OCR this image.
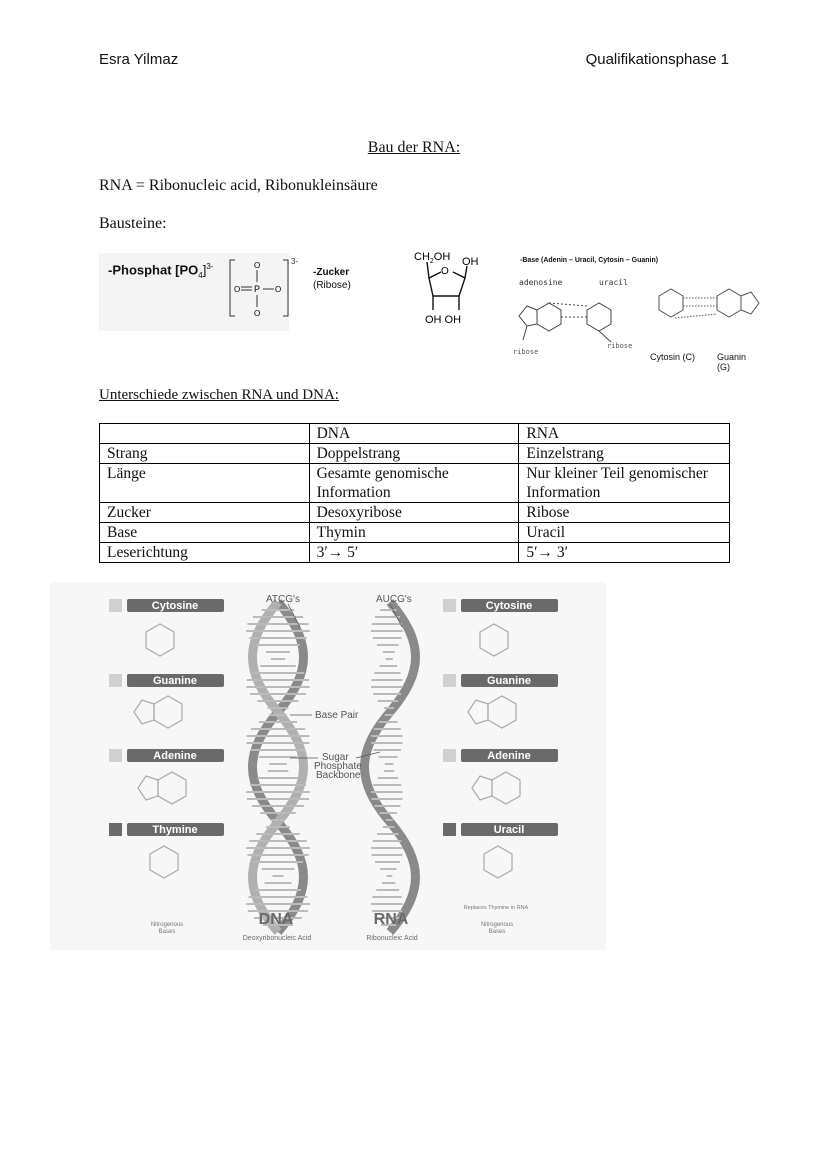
Esra Yilmaz	Qualifikationsphase 1
Bau der RNA:
RNA = Ribonucleic acid, Ribonukleinsäure
Bausteine:
-Phosphat $[PO_4]^{3-}$
3-
P
O
O
O
O
-Zucker
(Ribose)
$CH_2OH$ OH
O
OH OH
-Base (Adenin – Uracil, Cytosin – Guanin)
adenosine	uracil
ribose
ribose
Cytosin (C) Guanin (G)
Unterschiede zwischen RNA und DNA:
	DNA	RNA
Strang	Doppelstrang	Einzelstrang
Länge	Gesamte genomische Information	Nur kleiner Teil genomischer Information
Zucker	Desoxyribose	Ribose
Base	Thymin	Uracil
Leserichtung	3′→ 5′	5′→ 3′
Cytosine
Guanine
Adenine
Thymine
Cytosine
Guanine
Adenine
Uracil
ATCG's	AUCG's
Base Pair
Sugar
Phosphate
Backbone
DNA
Deoxyribonucleic Acid
RNA
Ribonucleic Acid
Nitrogenous
Bases
Replaces Thymine in RNA
Nitrogenous
Bases
